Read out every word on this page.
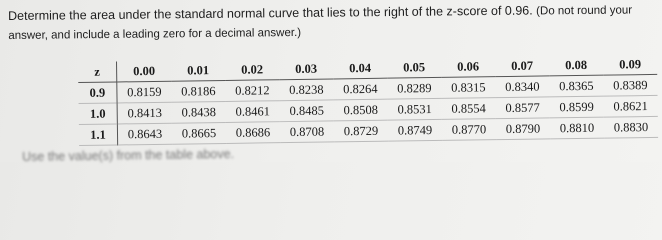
Determine the area under the standard normal curve that lies to the right of the z-score of 0.96. (Do not round your answer, and include a leading zero for a decimal answer.)
z	0.00	0.01	0.02	0.03	0.04	0.05	0.06	0.07	0.08	0.09
0.9	0.8159	0.8186	0.8212	0.8238	0.8264	0.8289	0.8315	0.8340	0.8365	0.8389
1.0	0.8413	0.8438	0.8461	0.8485	0.8508	0.8531	0.8554	0.8577	0.8599	0.8621
1.1	0.8643	0.8665	0.8686	0.8708	0.8729	0.8749	0.8770	0.8790	0.8810	0.8830
Use the value(s) from the table above.
